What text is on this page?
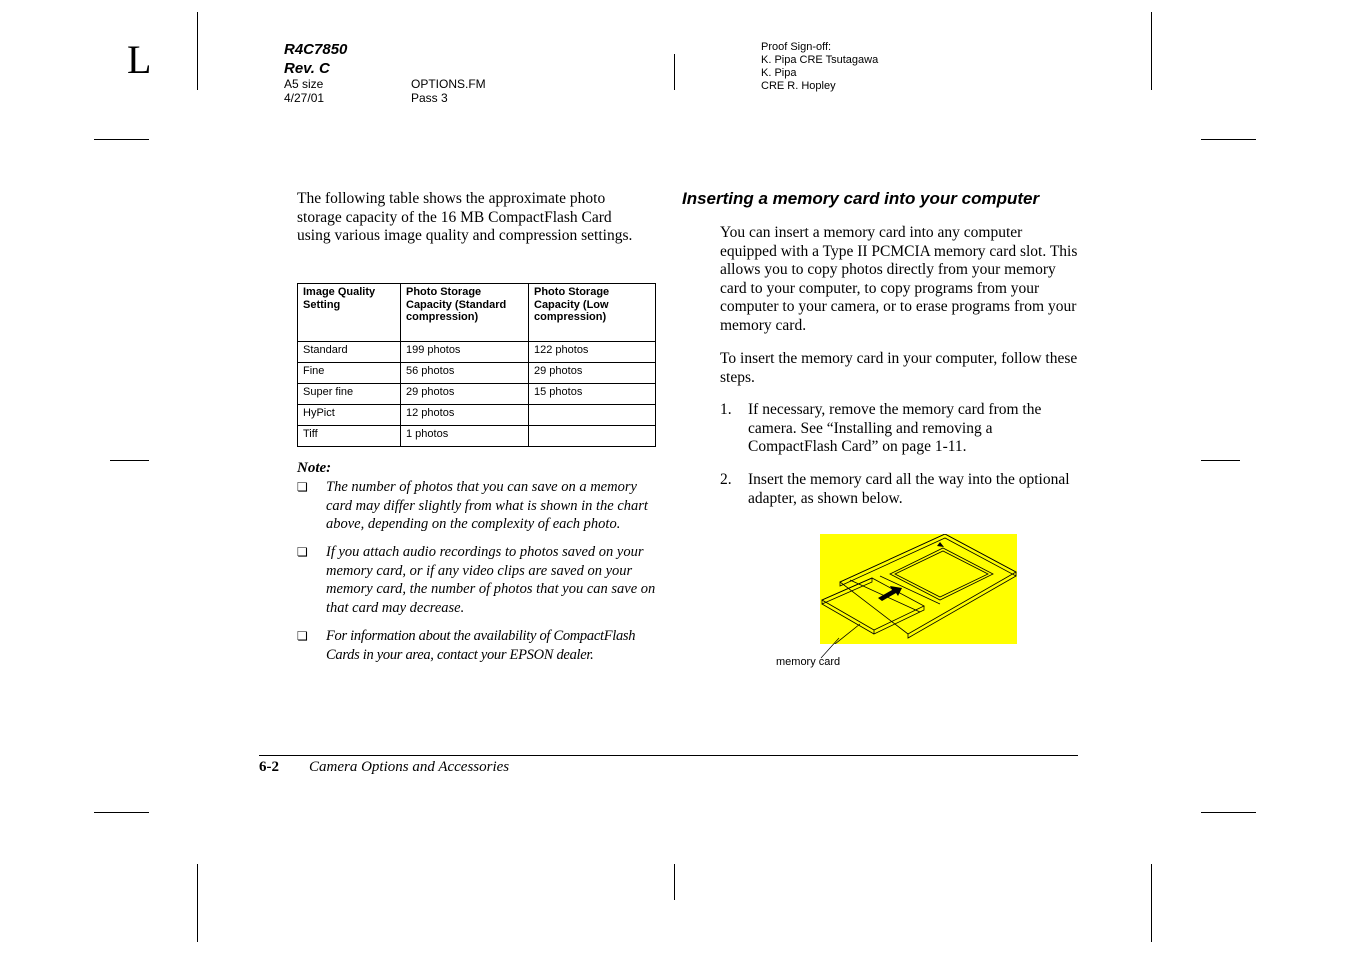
L	R4C7850
Rev. C
A5 size
4/27/01
OPTIONS.FM
Pass 3
Proof Sign-off:
K. Pipa CRE Tsutagawa
K. Pipa
CRE R. Hopley
The following table shows the approximate photo storage capacity of the 16 MB CompactFlash Card using various image quality and compression settings.
Image Quality Setting	Photo Storage Capacity (Standard compression)	Photo Storage Capacity (Low compression)
Standard	199 photos	122 photos
Fine	56 photos	29 photos
Super fine	29 photos	15 photos
HyPict	12 photos	
Tiff	1 photos	
Note:
❏ The number of photos that you can save on a memory card may differ slightly from what is shown in the chart above, depending on the complexity of each photo.
❏ If you attach audio recordings to photos saved on your memory card, or if any video clips are saved on your memory card, the number of photos that you can save on that card may decrease.
❏ For information about the availability of CompactFlash Cards in your area, contact your EPSON dealer.
Inserting a memory card into your computer
You can insert a memory card into any computer equipped with a Type II PCMCIA memory card slot. This allows you to copy photos directly from your memory card to your computer, to copy programs from your computer to your camera, or to erase programs from your memory card.
To insert the memory card in your computer, follow these steps.
1. If necessary, remove the memory card from the camera. See “Installing and removing a CompactFlash Card” on page 1-11.
2. Insert the memory card all the way into the optional adapter, as shown below.
memory card
6-2 Camera Options and Accessories
